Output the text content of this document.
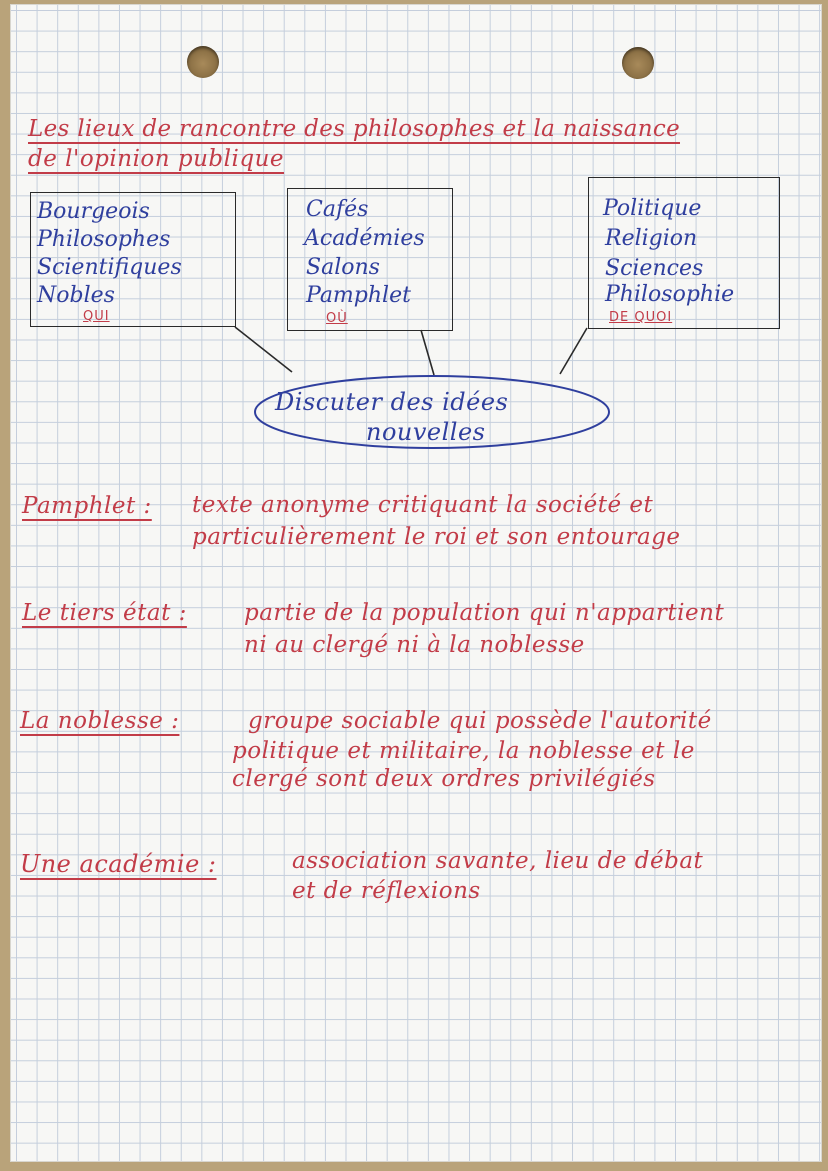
Les lieux de rancontre des philosophes et la naissance
de l'opinion publique
Bourgeois
Philosophes
Scientifiques
Nobles
QUI
Cafés
Académies
Salons
Pamphlet
OÙ
Politique
Religion
Sciences
Philosophie
DE QUOI
Discuter des idées
nouvelles
Pamphlet : texte anonyme critiquant la société et
particulièrement le roi et son entourage
Le tiers état : partie de la population qui n'appartient
ni au clergé ni à la noblesse
La noblesse :	groupe sociable qui possède l'autorité
politique et militaire, la noblesse et le
clergé sont deux ordres privilégiés
Une académie :	association savante, lieu de débat
et de réflexions
